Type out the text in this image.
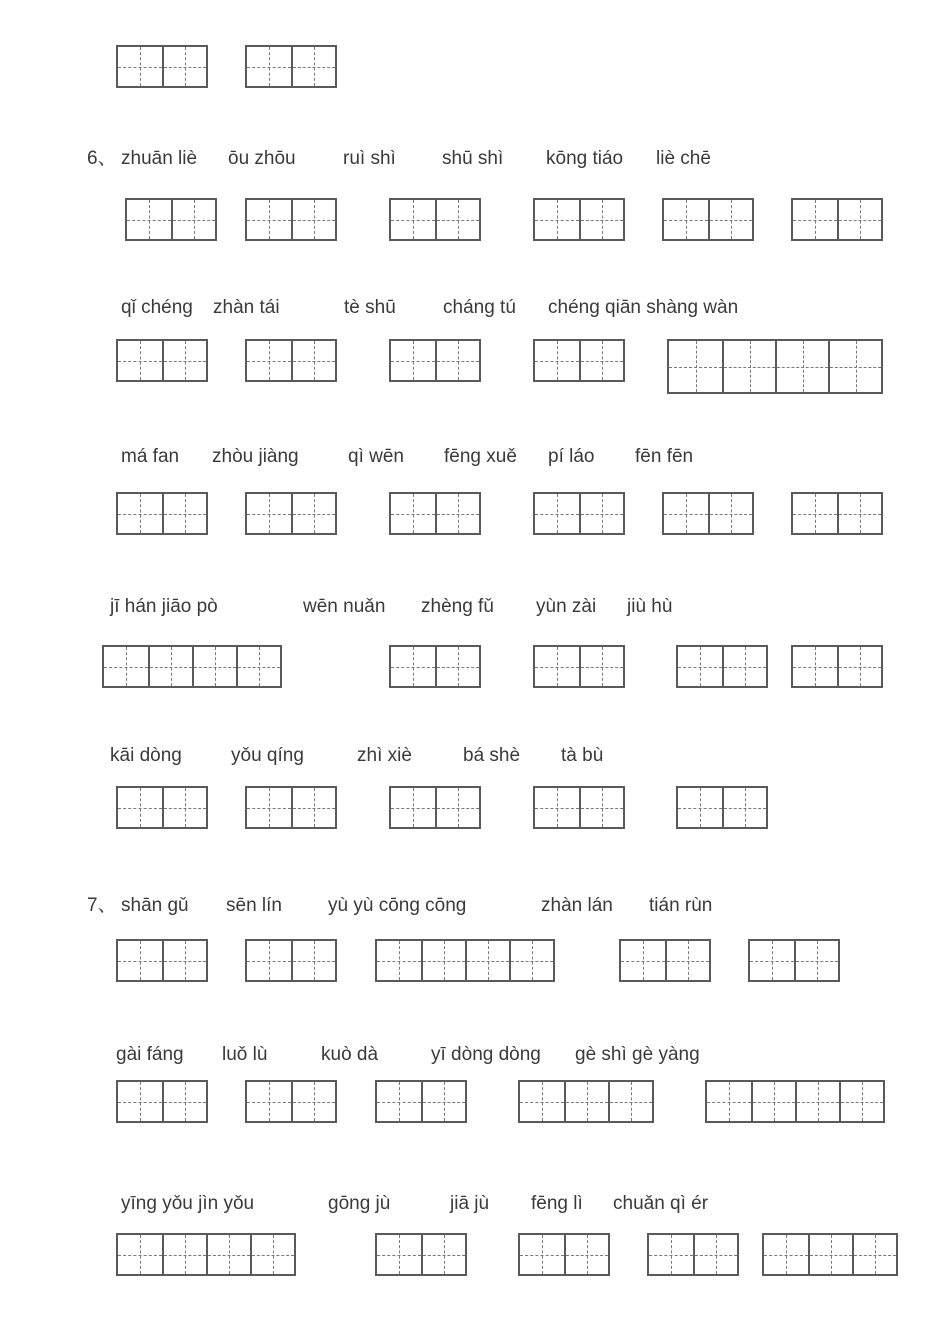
6、 zhuān liè ōu zhōu ruì shì shū shì kōng tiáo liè chē
qǐ chéng zhàn tái	tè shū cháng tú chéng qiān shàng wàn
má fan zhòu jiàng	qì wēn fēng xuě pí láo fēn fēn
jī hán jiāo pò	wēn nuǎn zhèng fǔ yùn zài jiù hù
kāi dòng	yǒu qíng	zhì xiè	bá shè tà bù
7、 shān gǔ sēn lín yù yù cōng cōng	zhàn lán tián rùn
gài fáng luǒ lù	kuò dà	yī dòng dòng gè shì gè yàng
yīng yǒu jìn yǒu	gōng jù	jiā jù fēng lì chuǎn qì ér
